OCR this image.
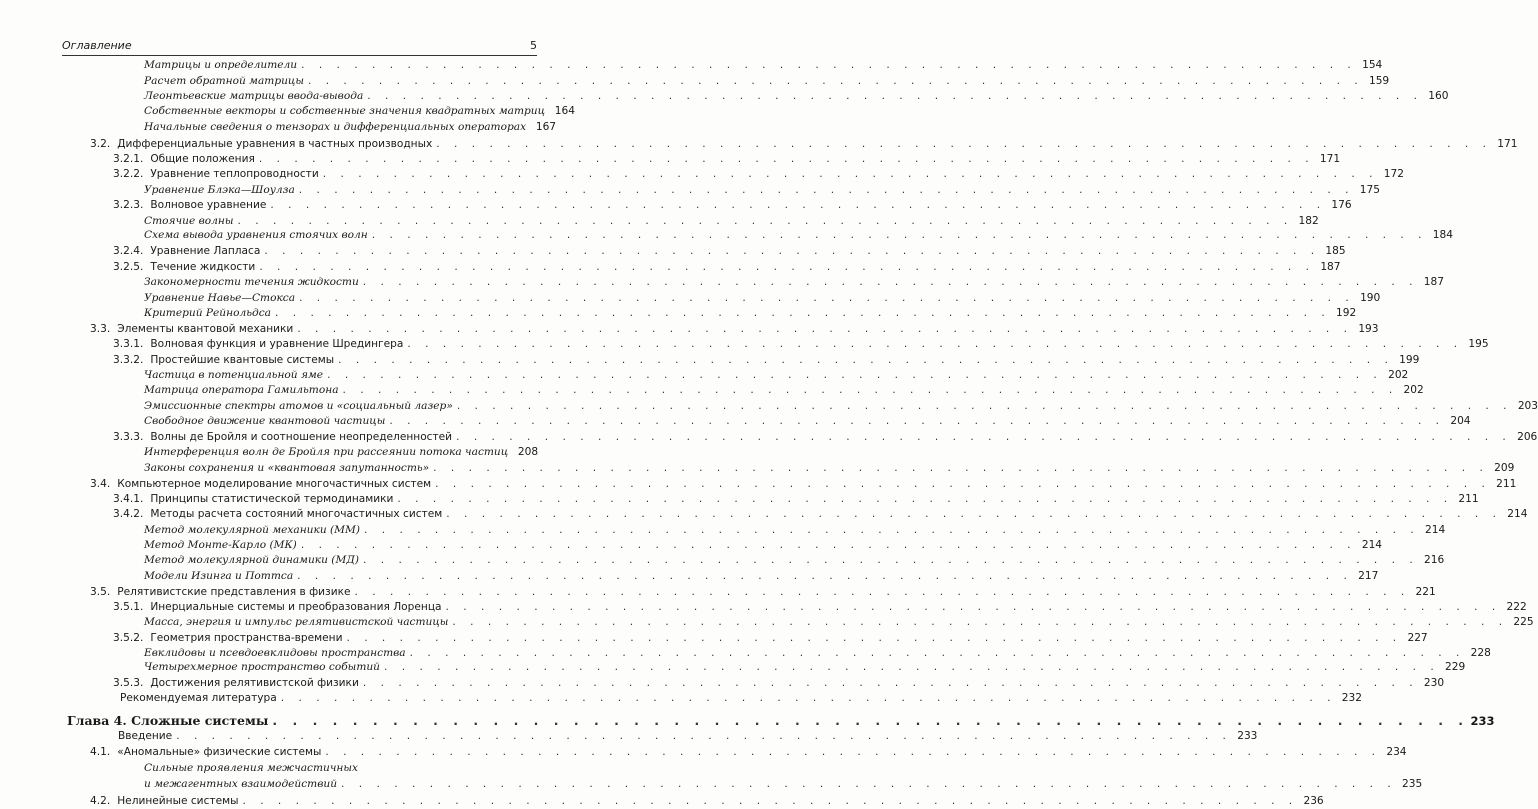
Оглавление	5
Матрицы и определители . . . . . . . . . . . . . . . . . . . . . . . . . . . . . . . . . . . . . . . . . . . . . . . . . . . . . . . . . . . . 154
Расчет обратной матрицы . . . . . . . . . . . . . . . . . . . . . . . . . . . . . . . . . . . . . . . . . . . . . . . . . . . . . . . . . . . . 159
Леонтьевские матрицы ввода-вывода . . . . . . . . . . . . . . . . . . . . . . . . . . . . . . . . . . . . . . . . . . . . . . . . . . . . . . . . . . . . 160
Собственные векторы и собственные значения квадратных матриц 164
Начальные сведения о тензорах и дифференциальных операторах 167
3.2. Дифференциальные уравнения в частных производных . . . . . . . . . . . . . . . . . . . . . . . . . . . . . . . . . . . . . . . . . . . . . . . . . . . . . . . . . . . . 171
3.2.1. Общие положения . . . . . . . . . . . . . . . . . . . . . . . . . . . . . . . . . . . . . . . . . . . . . . . . . . . . . . . . . . . . 171
3.2.2. Уравнение теплопроводности . . . . . . . . . . . . . . . . . . . . . . . . . . . . . . . . . . . . . . . . . . . . . . . . . . . . . . . . . . . . 172
Уравнение Блэка—Шоулза . . . . . . . . . . . . . . . . . . . . . . . . . . . . . . . . . . . . . . . . . . . . . . . . . . . . . . . . . . . . 175
3.2.3. Волновое уравнение . . . . . . . . . . . . . . . . . . . . . . . . . . . . . . . . . . . . . . . . . . . . . . . . . . . . . . . . . . . . 176
Стоячие волны . . . . . . . . . . . . . . . . . . . . . . . . . . . . . . . . . . . . . . . . . . . . . . . . . . . . . . . . . . . . 182
Схема вывода уравнения стоячих волн . . . . . . . . . . . . . . . . . . . . . . . . . . . . . . . . . . . . . . . . . . . . . . . . . . . . . . . . . . . . 184
3.2.4. Уравнение Лапласа . . . . . . . . . . . . . . . . . . . . . . . . . . . . . . . . . . . . . . . . . . . . . . . . . . . . . . . . . . . . 185
3.2.5. Течение жидкости . . . . . . . . . . . . . . . . . . . . . . . . . . . . . . . . . . . . . . . . . . . . . . . . . . . . . . . . . . . . 187
Закономерности течения жидкости . . . . . . . . . . . . . . . . . . . . . . . . . . . . . . . . . . . . . . . . . . . . . . . . . . . . . . . . . . . . 187
Уравнение Навье—Стокса . . . . . . . . . . . . . . . . . . . . . . . . . . . . . . . . . . . . . . . . . . . . . . . . . . . . . . . . . . . . 190
Критерий Рейнольдса . . . . . . . . . . . . . . . . . . . . . . . . . . . . . . . . . . . . . . . . . . . . . . . . . . . . . . . . . . . . 192
3.3. Элементы квантовой механики . . . . . . . . . . . . . . . . . . . . . . . . . . . . . . . . . . . . . . . . . . . . . . . . . . . . . . . . . . . . 193
3.3.1. Волновая функция и уравнение Шредингера . . . . . . . . . . . . . . . . . . . . . . . . . . . . . . . . . . . . . . . . . . . . . . . . . . . . . . . . . . . . 195
3.3.2. Простейшие квантовые системы . . . . . . . . . . . . . . . . . . . . . . . . . . . . . . . . . . . . . . . . . . . . . . . . . . . . . . . . . . . . 199
Частица в потенциальной яме . . . . . . . . . . . . . . . . . . . . . . . . . . . . . . . . . . . . . . . . . . . . . . . . . . . . . . . . . . . . 202
Матрица оператора Гамильтона . . . . . . . . . . . . . . . . . . . . . . . . . . . . . . . . . . . . . . . . . . . . . . . . . . . . . . . . . . . . 202
Эмиссионные спектры атомов и «социальный лазер» . . . . . . . . . . . . . . . . . . . . . . . . . . . . . . . . . . . . . . . . . . . . . . . . . . . . . . . . . . . . 203
Свободное движение квантовой частицы . . . . . . . . . . . . . . . . . . . . . . . . . . . . . . . . . . . . . . . . . . . . . . . . . . . . . . . . . . . . 204
3.3.3. Волны де Бройля и соотношение неопределенностей . . . . . . . . . . . . . . . . . . . . . . . . . . . . . . . . . . . . . . . . . . . . . . . . . . . . . . . . . . . . 206
Интерференция волн де Бройля при рассеянии потока частиц 208
Законы сохранения и «квантовая запутанность» . . . . . . . . . . . . . . . . . . . . . . . . . . . . . . . . . . . . . . . . . . . . . . . . . . . . . . . . . . . . 209
3.4. Компьютерное моделирование многочастичных систем . . . . . . . . . . . . . . . . . . . . . . . . . . . . . . . . . . . . . . . . . . . . . . . . . . . . . . . . . . . . 211
3.4.1. Принципы статистической термодинамики . . . . . . . . . . . . . . . . . . . . . . . . . . . . . . . . . . . . . . . . . . . . . . . . . . . . . . . . . . . . 211
3.4.2. Методы расчета состояний многочастичных систем . . . . . . . . . . . . . . . . . . . . . . . . . . . . . . . . . . . . . . . . . . . . . . . . . . . . . . . . . . . . 214
Метод молекулярной механики (ММ) . . . . . . . . . . . . . . . . . . . . . . . . . . . . . . . . . . . . . . . . . . . . . . . . . . . . . . . . . . . . 214
Метод Монте-Карло (МК) . . . . . . . . . . . . . . . . . . . . . . . . . . . . . . . . . . . . . . . . . . . . . . . . . . . . . . . . . . . . 214
Метод молекулярной динамики (МД) . . . . . . . . . . . . . . . . . . . . . . . . . . . . . . . . . . . . . . . . . . . . . . . . . . . . . . . . . . . . 216
Модели Изинга и Поттса . . . . . . . . . . . . . . . . . . . . . . . . . . . . . . . . . . . . . . . . . . . . . . . . . . . . . . . . . . . . 217
3.5. Релятивистские представления в физике . . . . . . . . . . . . . . . . . . . . . . . . . . . . . . . . . . . . . . . . . . . . . . . . . . . . . . . . . . . . 221
3.5.1. Инерциальные системы и преобразования Лоренца . . . . . . . . . . . . . . . . . . . . . . . . . . . . . . . . . . . . . . . . . . . . . . . . . . . . . . . . . . . . 222
Масса, энергия и импульс релятивистской частицы . . . . . . . . . . . . . . . . . . . . . . . . . . . . . . . . . . . . . . . . . . . . . . . . . . . . . . . . . . . . 225
3.5.2. Геометрия пространства-времени . . . . . . . . . . . . . . . . . . . . . . . . . . . . . . . . . . . . . . . . . . . . . . . . . . . . . . . . . . . . 227
Евклидовы и псевдоевклидовы пространства . . . . . . . . . . . . . . . . . . . . . . . . . . . . . . . . . . . . . . . . . . . . . . . . . . . . . . . . . . . . 228
Четырехмерное пространство событий . . . . . . . . . . . . . . . . . . . . . . . . . . . . . . . . . . . . . . . . . . . . . . . . . . . . . . . . . . . . 229
3.5.3. Достижения релятивистской физики . . . . . . . . . . . . . . . . . . . . . . . . . . . . . . . . . . . . . . . . . . . . . . . . . . . . . . . . . . . . 230
Рекомендуемая литература . . . . . . . . . . . . . . . . . . . . . . . . . . . . . . . . . . . . . . . . . . . . . . . . . . . . . . . . . . . . 232
Глава 4. Сложные системы . . . . . . . . . . . . . . . . . . . . . . . . . . . . . . . . . . . . . . . . . . . . . . . . . . . . . . . . . . . . 233
Введение . . . . . . . . . . . . . . . . . . . . . . . . . . . . . . . . . . . . . . . . . . . . . . . . . . . . . . . . . . . . 233
4.1. «Аномальные» физические системы . . . . . . . . . . . . . . . . . . . . . . . . . . . . . . . . . . . . . . . . . . . . . . . . . . . . . . . . . . . . 234
Сильные проявления межчастичных
и межагентных взаимодействий . . . . . . . . . . . . . . . . . . . . . . . . . . . . . . . . . . . . . . . . . . . . . . . . . . . . . . . . . . . . 235
4.2. Нелинейные системы . . . . . . . . . . . . . . . . . . . . . . . . . . . . . . . . . . . . . . . . . . . . . . . . . . . . . . . . . . . . 236
